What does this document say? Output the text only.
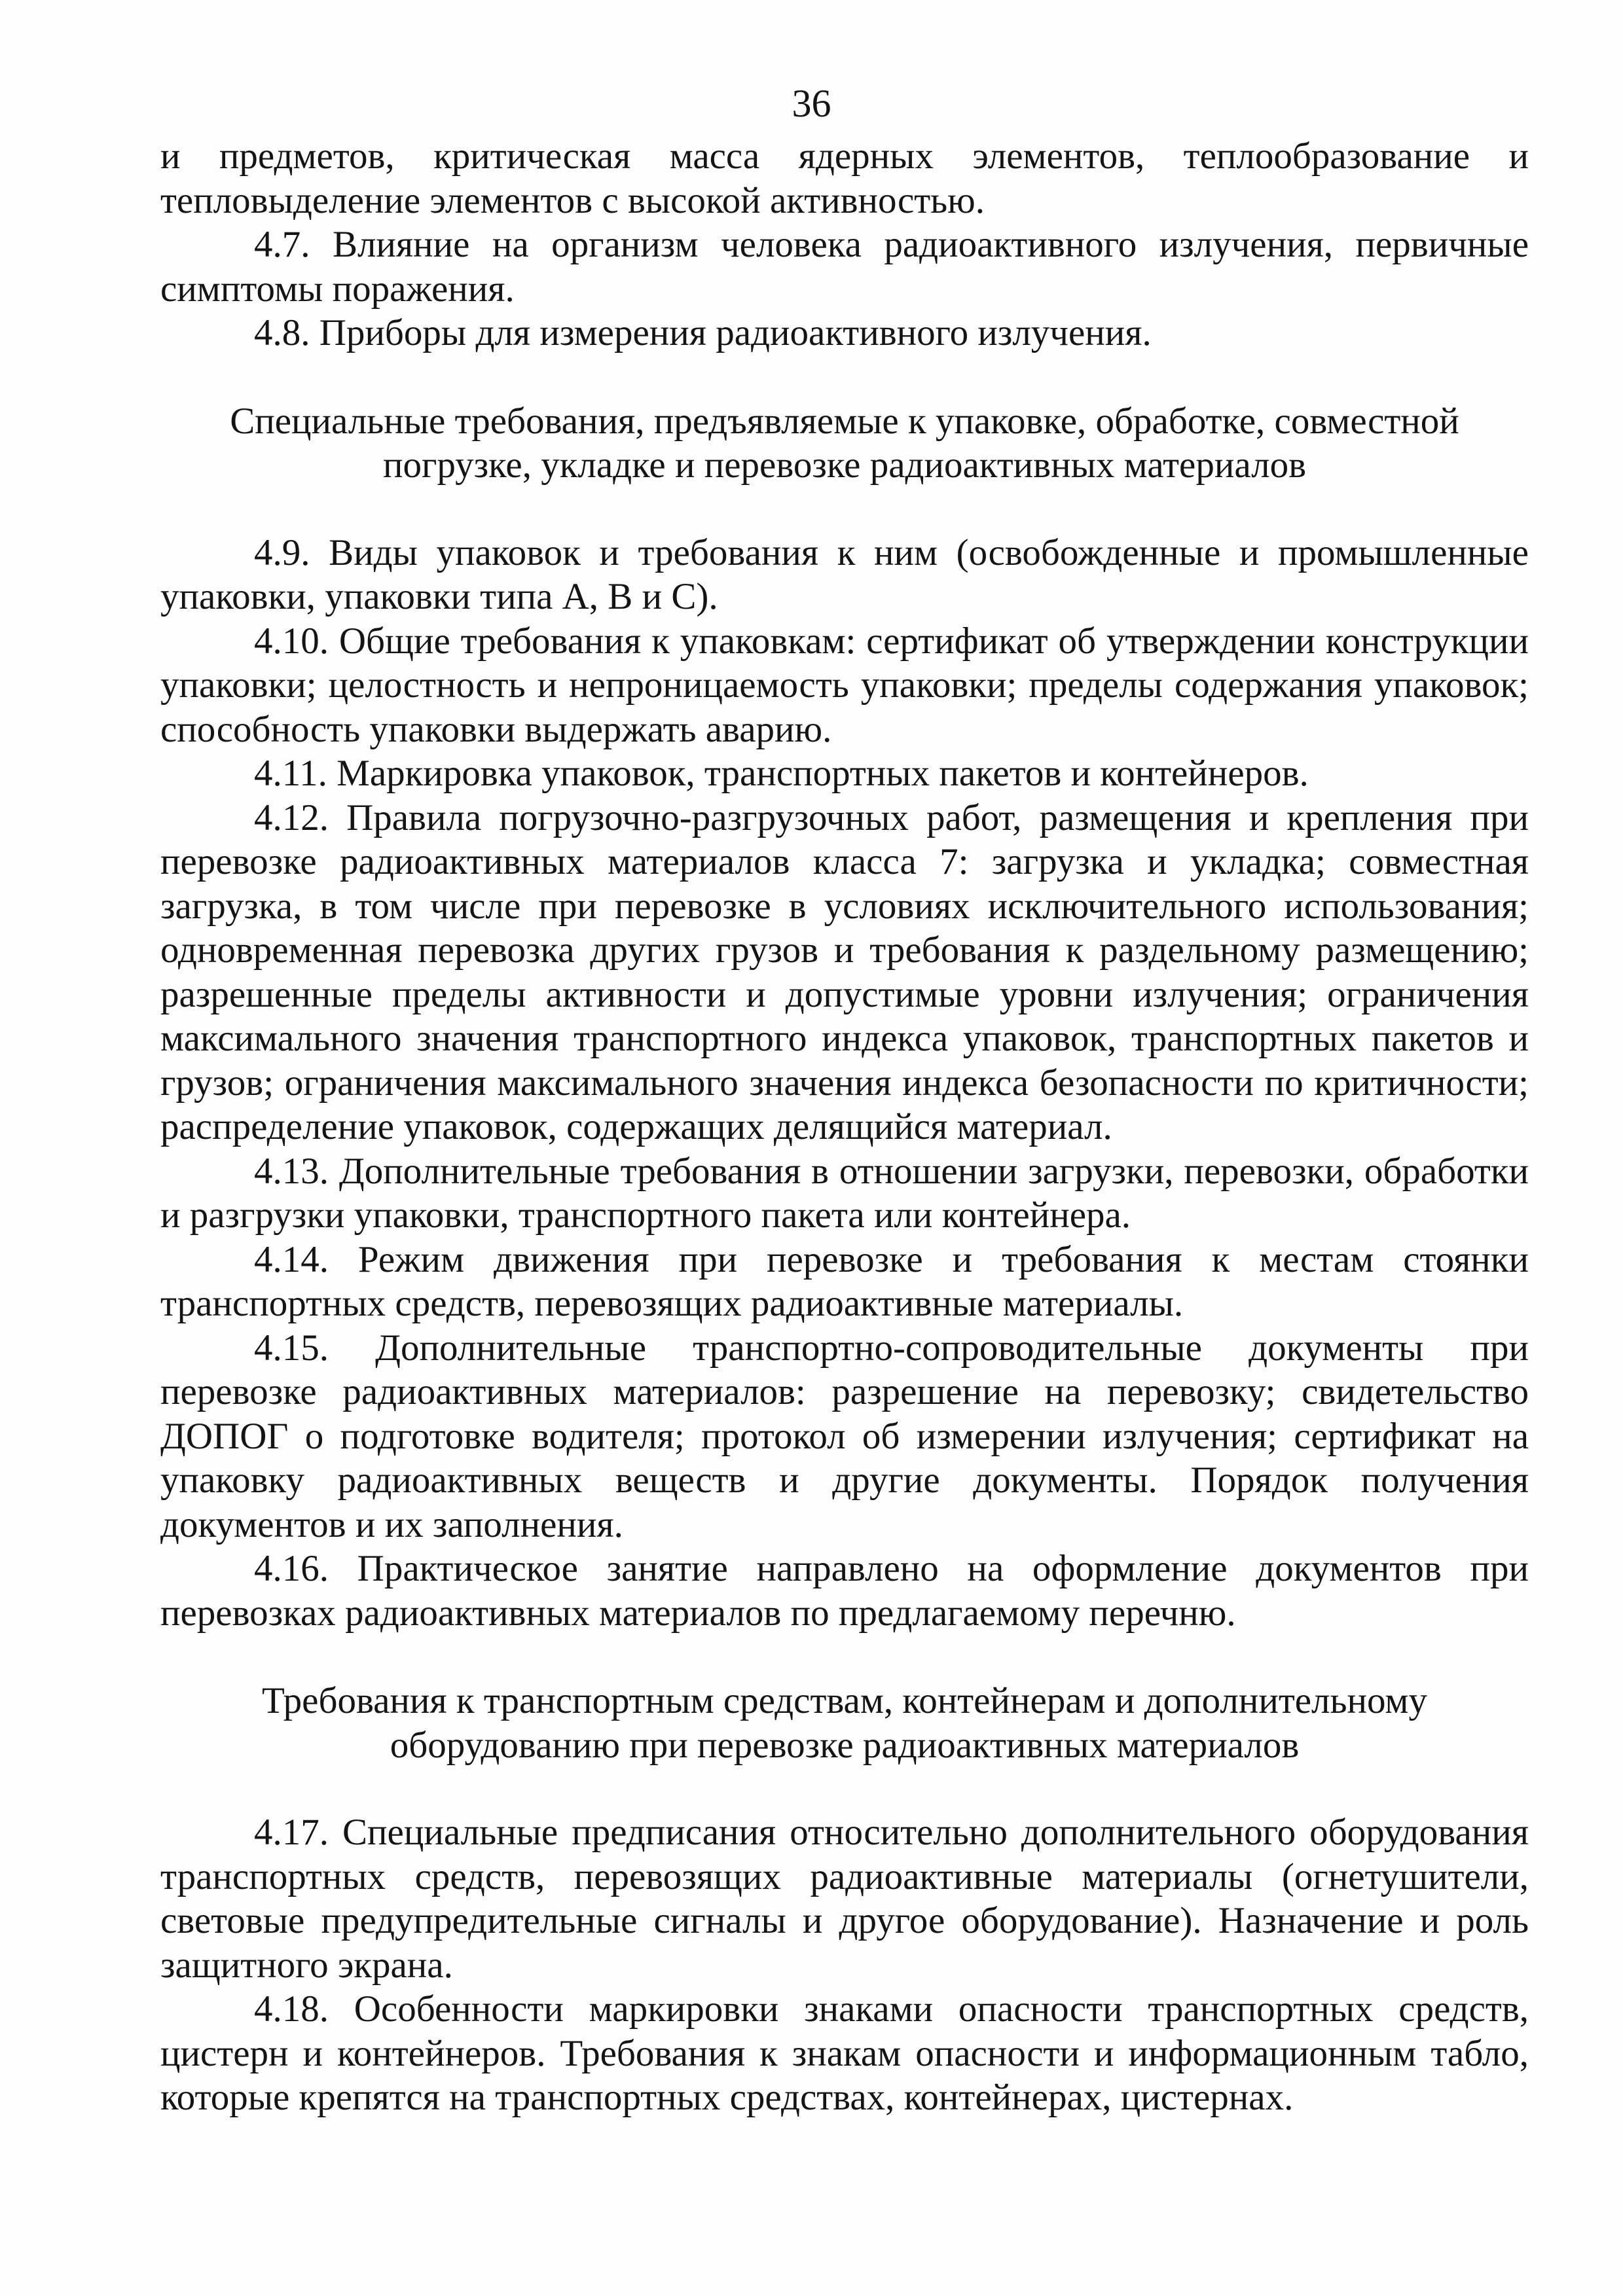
36

и предметов, критическая масса ядерных элементов, теплообразование и тепловыделение элементов с высокой активностью.

4.7. Влияние на организм человека радиоактивного излучения, первичные симптомы поражения.

4.8. Приборы для измерения радиоактивного излучения.

Специальные требования, предъявляемые к упаковке, обработке, совместной погрузке, укладке и перевозке радиоактивных материалов

4.9. Виды упаковок и требования к ним (освобожденные и промышленные упаковки, упаковки типа А, В и С).

4.10. Общие требования к упаковкам: сертификат об утверждении конструкции упаковки; целостность и непроницаемость упаковки; пределы содержания упаковок; способность упаковки выдержать аварию.

4.11. Маркировка упаковок, транспортных пакетов и контейнеров.

4.12. Правила погрузочно-разгрузочных работ, размещения и крепления при перевозке радиоактивных материалов класса 7: загрузка и укладка; совместная загрузка, в том числе при перевозке в условиях исключительного использования; одновременная перевозка других грузов и требования к раздельному размещению; разрешенные пределы активности и допустимые уровни излучения; ограничения максимального значения транспортного индекса упаковок, транспортных пакетов и грузов; ограничения максимального значения индекса безопасности по критичности; распределение упаковок, содержащих делящийся материал.

4.13. Дополнительные требования в отношении загрузки, перевозки, обработки и разгрузки упаковки, транспортного пакета или контейнера.

4.14. Режим движения при перевозке и требования к местам стоянки транспортных средств, перевозящих радиоактивные материалы.

4.15. Дополнительные транспортно-сопроводительные документы при перевозке радиоактивных материалов: разрешение на перевозку; свидетельство ДОПОГ о подготовке водителя; протокол об измерении излучения; сертификат на упаковку радиоактивных веществ и другие документы. Порядок получения документов и их заполнения.

4.16. Практическое занятие направлено на оформление документов при перевозках радиоактивных материалов по предлагаемому перечню.

Требования к транспортным средствам, контейнерам и дополнительному оборудованию при перевозке радиоактивных материалов

4.17. Специальные предписания относительно дополнительного оборудования транспортных средств, перевозящих радиоактивные материалы (огнетушители, световые предупредительные сигналы и другое оборудование). Назначение и роль защитного экрана.

4.18. Особенности маркировки знаками опасности транспортных средств, цистерн и контейнеров. Требования к знакам опасности и информационным табло, которые крепятся на транспортных средствах, контейнерах, цистернах.
